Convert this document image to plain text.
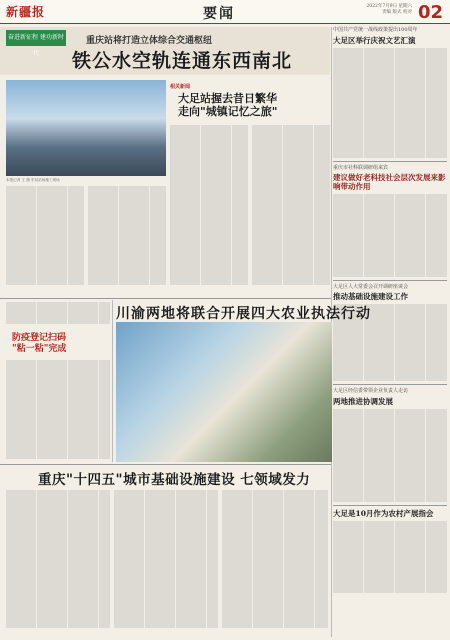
新疆报	要闻	2022年7月9日 星期六
责编 版式 校对 02
奋进新征程 建功新时代
重庆站将打造立体综合交通枢纽
铁公水空轨连通东西南北
本报记者 王 摄 东站站场施工现场
相关新闻
大足站握去昔日繁华
走向"城镇记忆之旅"
中国共产党统一战线政策提出100周年
大足区举行庆祝文艺汇演
重庆市社科联调研组来宾
建议做好老科技社会层次发展来影响带动作用
大足区人大常委会召开调研座谈会
推动基础设施建设工作
大足区经信委带领企业负责人走访
两地推进协调发展
大足是10月作为农村产展指会
川渝两地将联合开展四大农业执法行动
防疫登记扫码
"粘一粘"完成
重庆"十四五"城市基础设施建设 七领域发力
